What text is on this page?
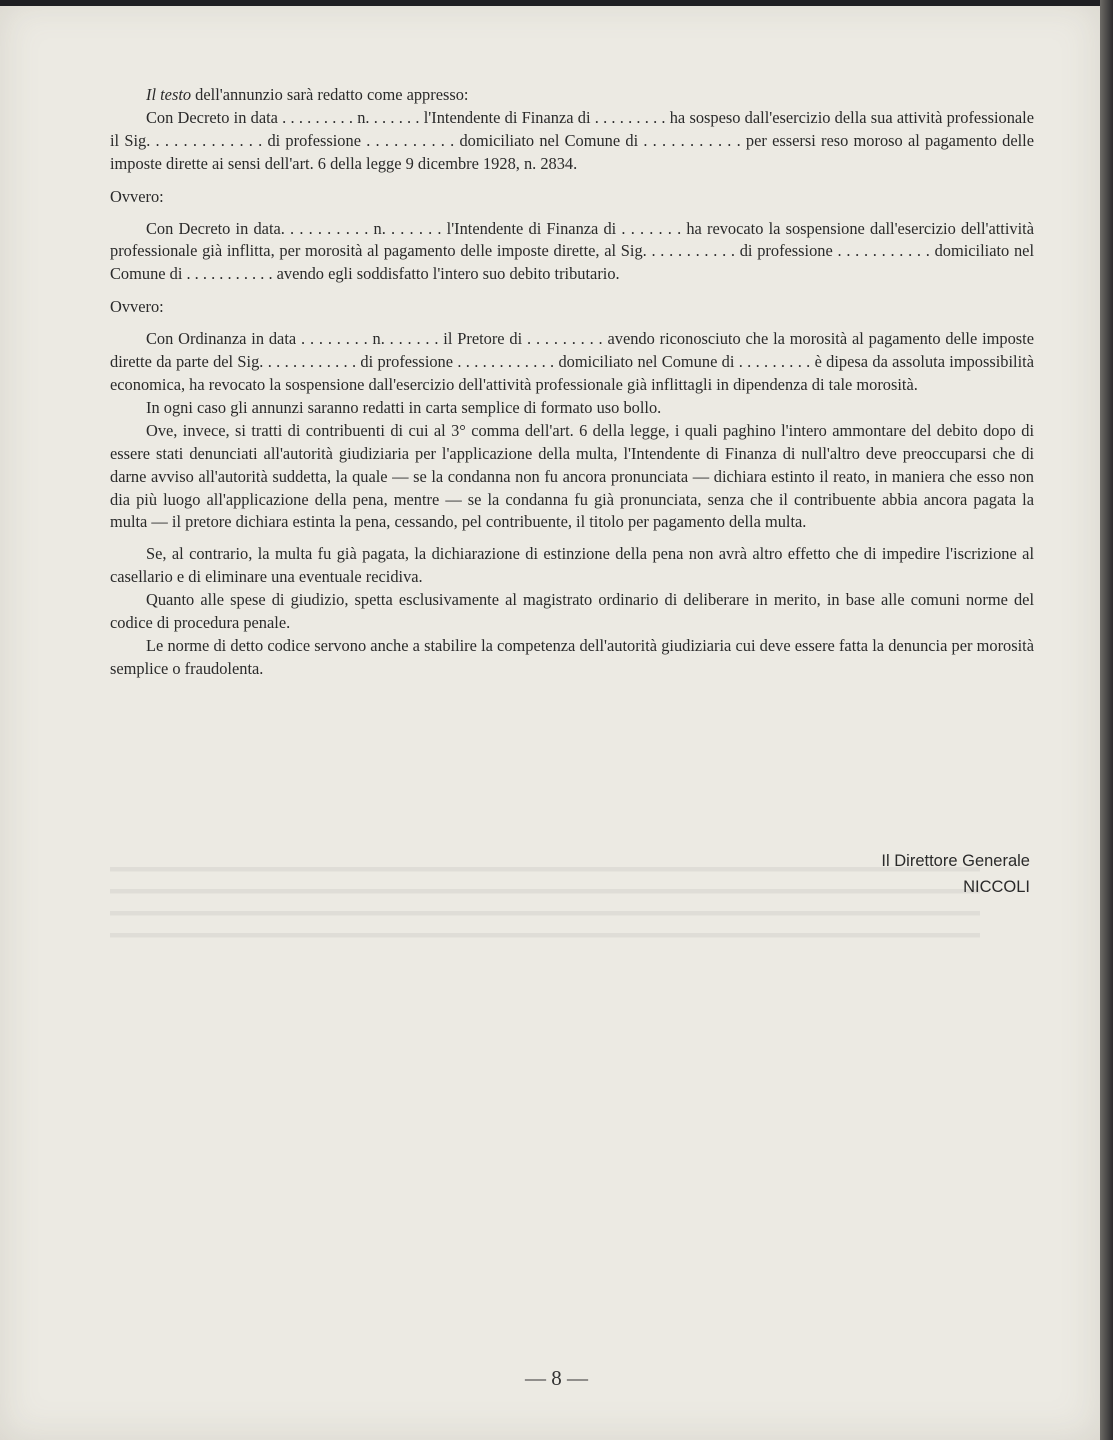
▬▬▬▬▬▬▬▬▬▬▬▬▬▬▬▬▬▬▬▬▬▬▬▬▬▬▬▬▬▬▬▬▬▬▬▬▬▬▬▬▬▬▬▬▬▬▬▬▬▬▬▬▬▬▬▬▬▬
▬▬▬▬▬▬▬▬▬▬▬▬▬▬▬▬▬▬▬▬▬▬▬▬▬▬▬▬▬▬▬▬▬▬▬▬▬▬▬▬▬▬▬▬▬▬▬▬▬▬▬▬▬▬▬▬▬▬
▬▬▬▬▬▬▬▬▬▬▬▬▬▬▬▬▬▬▬▬▬▬▬▬▬▬▬▬▬▬▬▬▬▬▬▬▬▬▬▬▬▬▬▬▬▬▬▬▬▬▬▬▬▬▬▬▬▬
▬▬▬▬▬▬▬▬▬▬▬▬▬▬▬▬▬▬▬▬▬▬▬▬▬▬▬▬▬▬▬▬▬▬▬▬▬▬▬▬▬▬▬▬▬▬▬▬▬▬▬▬▬▬▬▬▬▬

Il testo dell'annunzio sarà redatto come appresso:

Con Decreto in data . . . . . . . . . n. . . . . . . l'Intendente di Finanza di . . . . . . . . . ha sospeso dall'esercizio della sua attività professionale il Sig. . . . . . . . . . . . . di professione . . . . . . . . . . domiciliato nel Comune di . . . . . . . . . . . per essersi reso moroso al pagamento delle imposte dirette ai sensi dell'art. 6 della legge 9 dicembre 1928, n. 2834.

Ovvero:

Con Decreto in data. . . . . . . . . . n. . . . . . . l'Intendente di Finanza di . . . . . . . ha revocato la sospensione dall'esercizio dell'attività professionale già inflitta, per morosità al pagamento delle imposte dirette, al Sig. . . . . . . . . . . di professione . . . . . . . . . . . domiciliato nel Comune di . . . . . . . . . . . avendo egli soddisfatto l'intero suo debito tributario.

Ovvero:

Con Ordinanza in data . . . . . . . . n. . . . . . . il Pretore di . . . . . . . . . avendo riconosciuto che la morosità al pagamento delle imposte dirette da parte del Sig. . . . . . . . . . . . di professione . . . . . . . . . . . . domiciliato nel Comune di . . . . . . . . . è dipesa da assoluta impossibilità economica, ha revocato la sospensione dall'esercizio dell'attività professionale già inflittagli in dipendenza di tale morosità.

In ogni caso gli annunzi saranno redatti in carta semplice di formato uso bollo.

Ove, invece, si tratti di contribuenti di cui al 3° comma dell'art. 6 della legge, i quali paghino l'intero ammontare del debito dopo di essere stati denunciati all'autorità giudiziaria per l'applicazione della multa, l'Intendente di Finanza di null'altro deve preoccuparsi che di darne avviso all'autorità suddetta, la quale — se la condanna non fu ancora pronunciata — dichiara estinto il reato, in maniera che esso non dia più luogo all'applicazione della pena, mentre — se la condanna fu già pronunciata, senza che il contribuente abbia ancora pagata la multa — il pretore dichiara estinta la pena, cessando, pel contribuente, il titolo per pagamento della multa.

Se, al contrario, la multa fu già pagata, la dichiarazione di estinzione della pena non avrà altro effetto che di impedire l'iscrizione al casellario e di eliminare una eventuale recidiva.

Quanto alle spese di giudizio, spetta esclusivamente al magistrato ordinario di deliberare in merito, in base alle comuni norme del codice di procedura penale.

Le norme di detto codice servono anche a stabilire la competenza dell'autorità giudiziaria cui deve essere fatta la denuncia per morosità semplice o fraudolenta.

Il Direttore Generale
NICCOLI
— 8 —
